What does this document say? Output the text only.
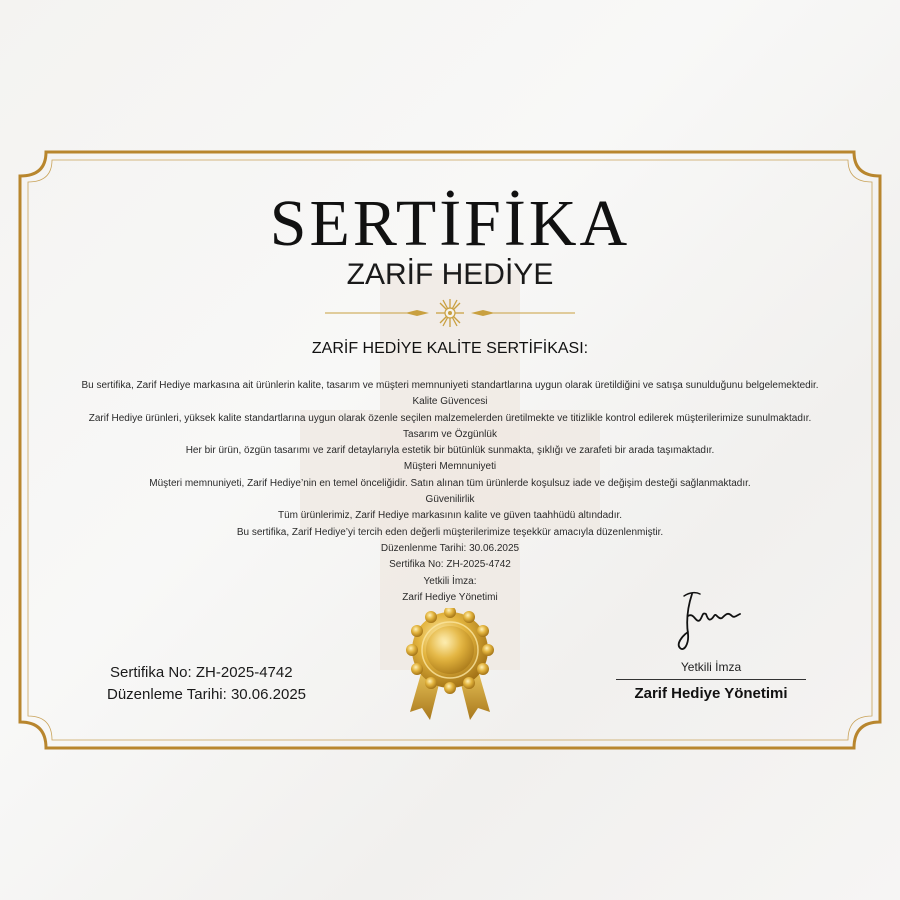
SERTİFİKA
ZARİF HEDİYE
ZARİF HEDİYE KALİTE SERTİFİKASI:
Bu sertifika, Zarif Hediye markasına ait ürünlerin kalite, tasarım ve müşteri memnuniyeti standartlarına uygun olarak üretildiğini ve satışa sunulduğunu belgelemektedir.
Kalite Güvencesi
Zarif Hediye ürünleri, yüksek kalite standartlarına uygun olarak özenle seçilen malzemelerden üretilmekte ve titizlikle kontrol edilerek müşterilerimize sunulmaktadır.
Tasarım ve Özgünlük
Her bir ürün, özgün tasarımı ve zarif detaylarıyla estetik bir bütünlük sunmakta, şıklığı ve zarafeti bir arada taşımaktadır.
Müşteri Memnuniyeti
Müşteri memnuniyeti, Zarif Hediye’nin en temel önceliğidir. Satın alınan tüm ürünlerde koşulsuz iade ve değişim desteği sağlanmaktadır.
Güvenilirlik
Tüm ürünlerimiz, Zarif Hediye markasının kalite ve güven taahhüdü altındadır.
Bu sertifika, Zarif Hediye’yi tercih eden değerli müşterilerimize teşekkür amacıyla düzenlenmiştir.
Düzenlenme Tarihi: 30.06.2025
Sertifika No: ZH-2025-4742
Yetkili İmza:
Zarif Hediye Yönetimi
Sertifika No: ZH-2025-4742
Düzenleme Tarihi: 30.06.2025
Yetkili İmza
Zarif Hediye Yönetimi
